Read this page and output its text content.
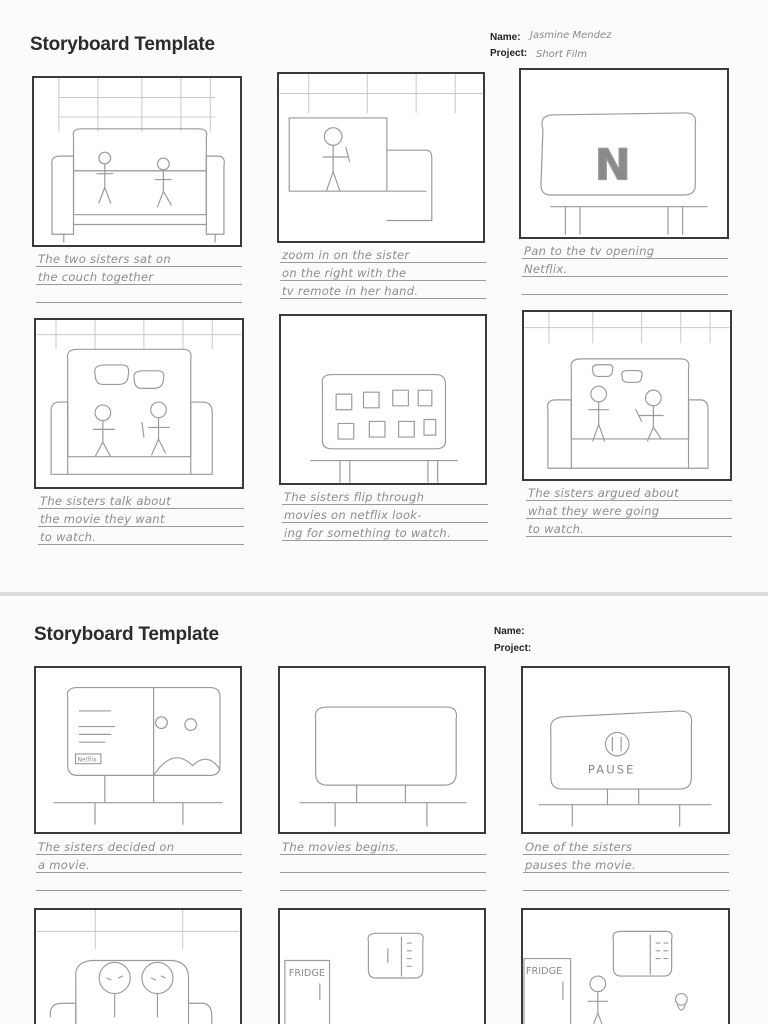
Storyboard Template	Name: Jasmine Mendez
Project: Short Film
The two sisters sat on
the couch together
zoom in on the sister
on the right with the
tv remote in her hand.
N
Pan to the tv opening
Netflix.
The sisters talk about
the movie they want
to watch.
The sisters flip through
movies on netflix look-
ing for something to watch.
The sisters argued about
what they were going
to watch.
Storyboard Template	Name:
Project:
Netflix
The sisters decided on
a movie.
The movies begins.
PAUSE
One of the sisters
pauses the movie.
FRIDGE	FRIDGE
